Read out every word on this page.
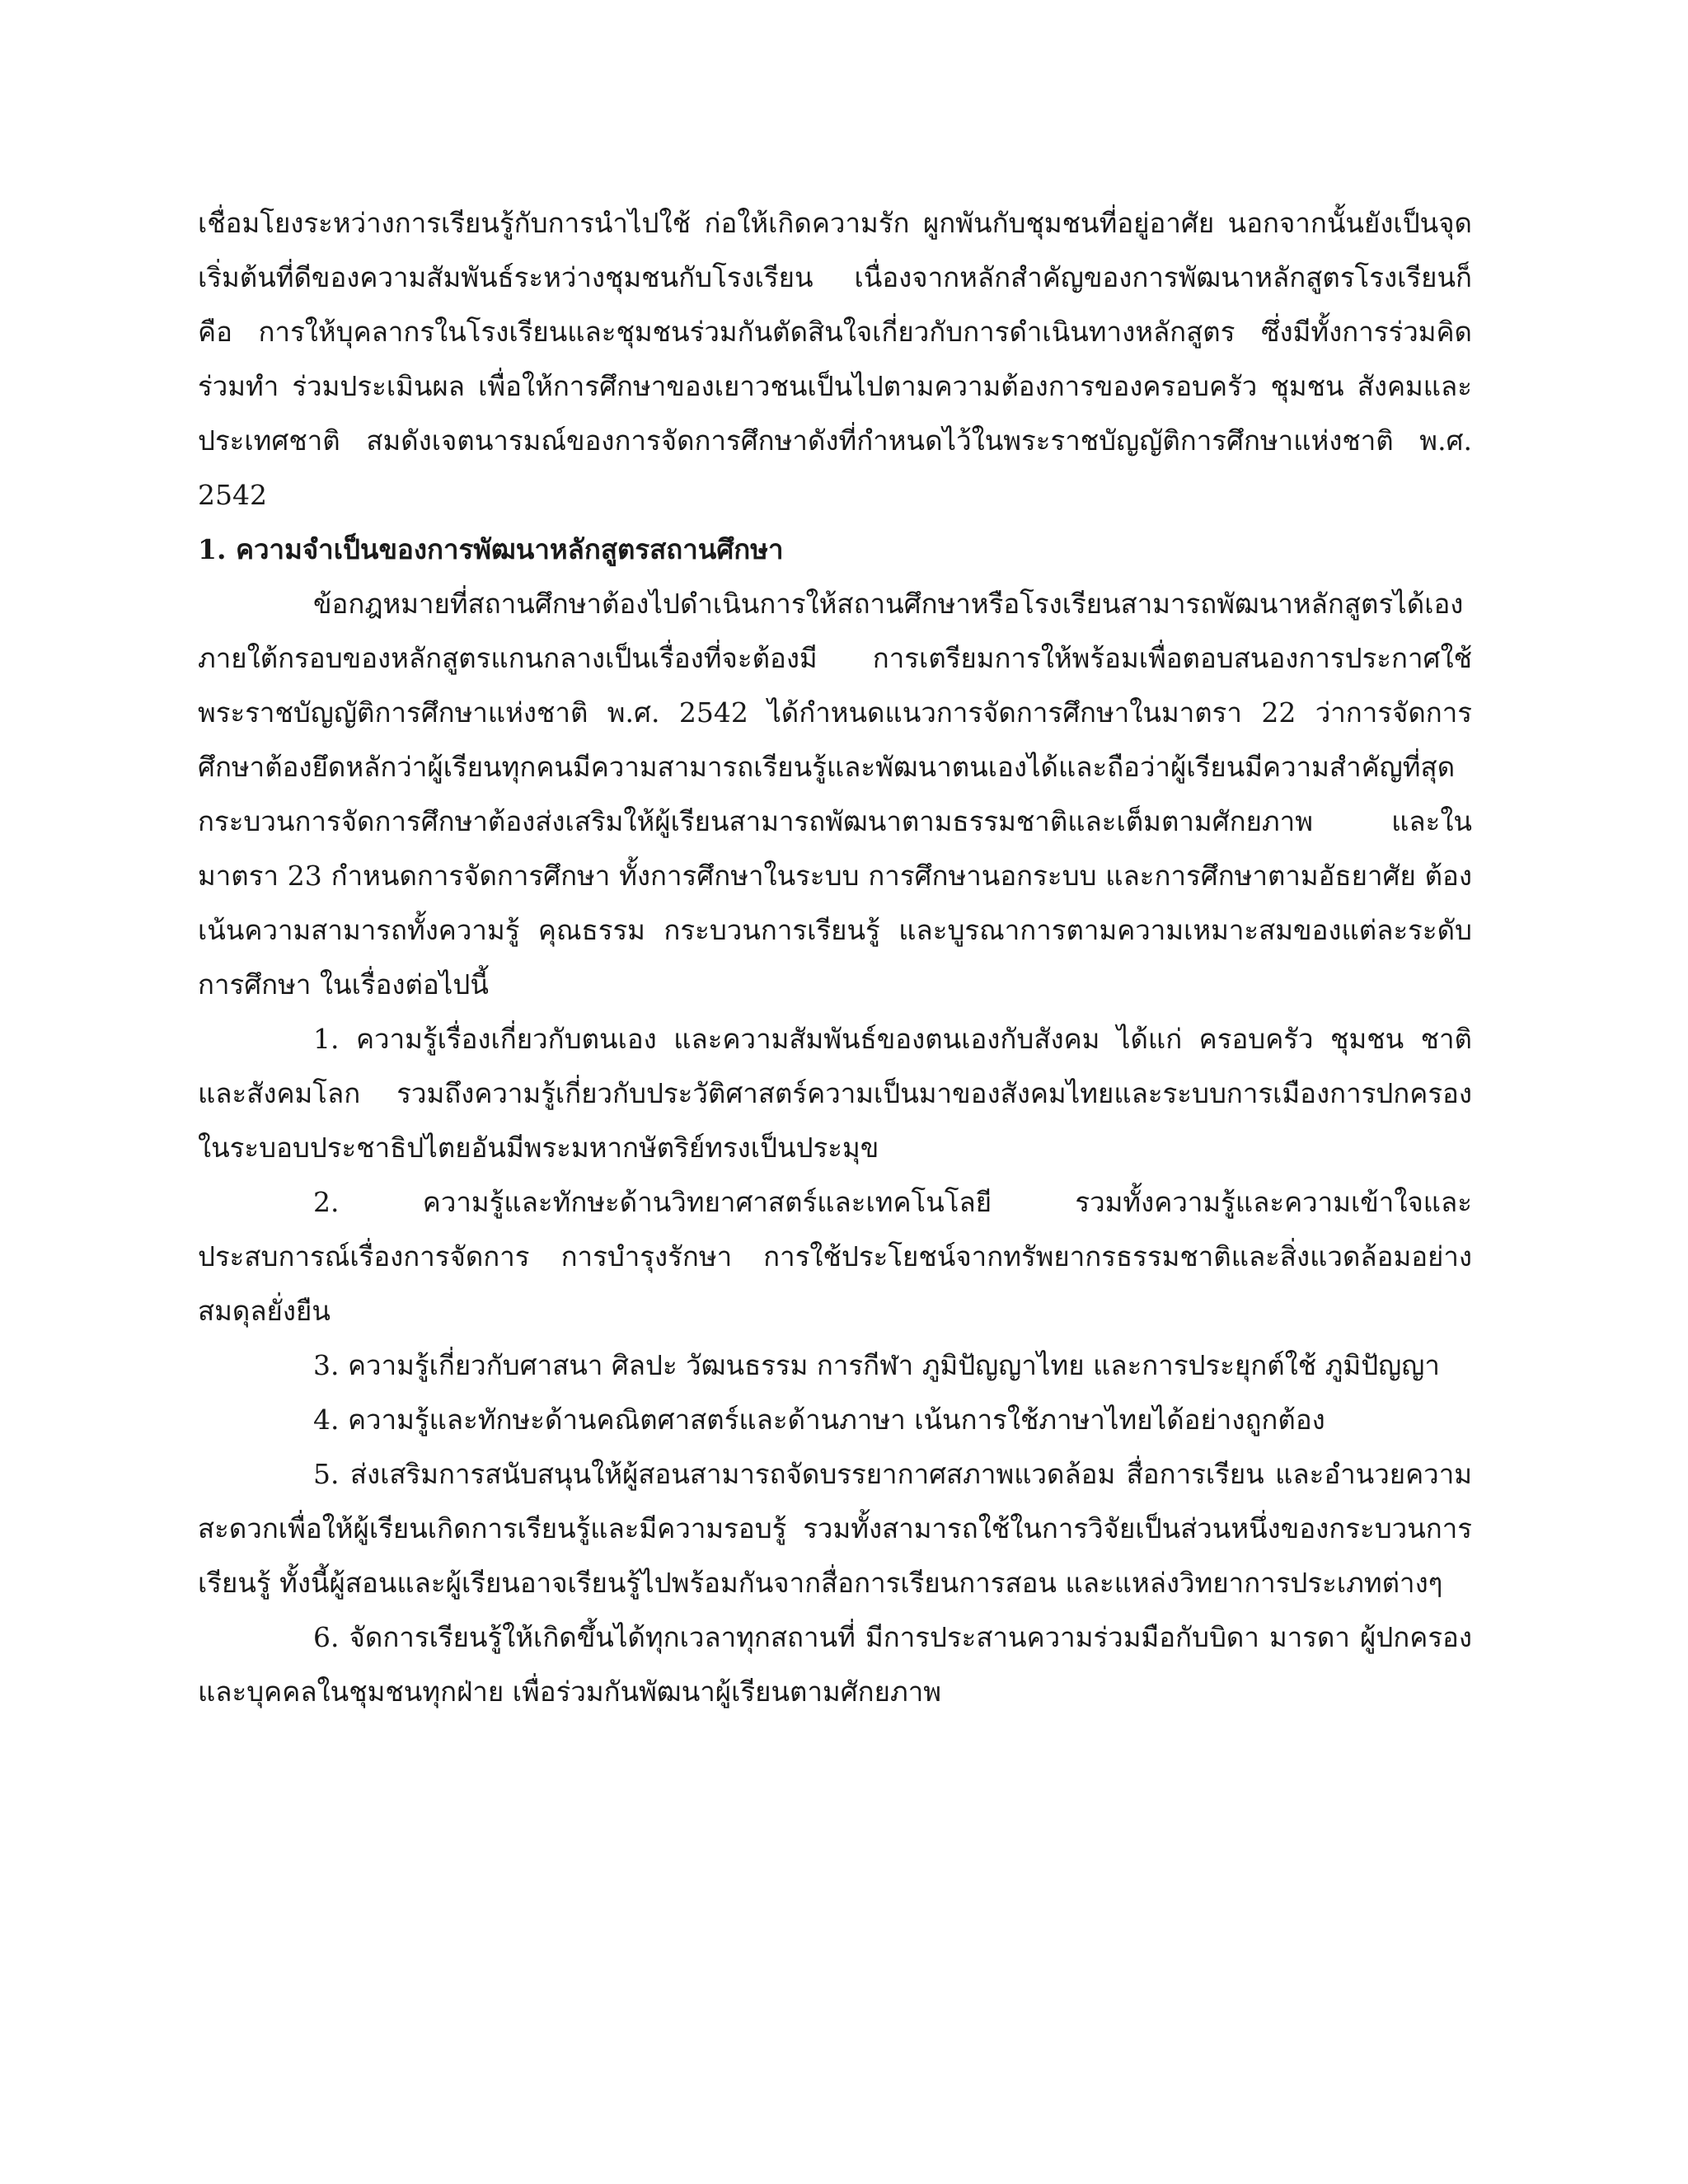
เชื่อมโยงระหว่างการเรียนรู้กับการนำไปใช้ ก่อให้เกิดความรัก ผูกพันกับชุมชนที่อยู่อาศัย นอกจากนั้นยังเป็นจุดเริ่มต้นที่ดีของความสัมพันธ์ระหว่างชุมชนกับโรงเรียน เนื่องจากหลักสำคัญของการพัฒนาหลักสูตรโรงเรียนก็คือ การให้บุคลากรในโรงเรียนและชุมชนร่วมกันตัดสินใจเกี่ยวกับการดำเนินทางหลักสูตร ซึ่งมีทั้งการร่วมคิด ร่วมทำ ร่วมประเมินผล เพื่อให้การศึกษาของเยาวชนเป็นไปตามความต้องการของครอบครัว ชุมชน สังคมและประเทศชาติ สมดังเจตนารมณ์ของการจัดการศึกษาดังที่กำหนดไว้ในพระราชบัญญัติการศึกษาแห่งชาติ พ.ศ. 2542

1. ความจำเป็นของการพัฒนาหลักสูตรสถานศึกษา

ข้อกฎหมายที่สถานศึกษาต้องไปดำเนินการให้สถานศึกษาหรือโรงเรียนสามารถพัฒนาหลักสูตรได้เองภายใต้กรอบของหลักสูตรแกนกลางเป็นเรื่องที่จะต้องมี การเตรียมการให้พร้อมเพื่อตอบสนองการประกาศใช้พระราชบัญญัติการศึกษาแห่งชาติ พ.ศ. 2542 ได้กำหนดแนวการจัดการศึกษาในมาตรา 22 ว่าการจัดการศึกษาต้องยึดหลักว่าผู้เรียนทุกคนมีความสามารถเรียนรู้และพัฒนาตนเองได้และถือว่าผู้เรียนมีความสำคัญที่สุดกระบวนการจัดการศึกษาต้องส่งเสริมให้ผู้เรียนสามารถพัฒนาตามธรรมชาติและเต็มตามศักยภาพ และในมาตรา 23 กำหนดการจัดการศึกษา ทั้งการศึกษาในระบบ การศึกษานอกระบบ และการศึกษาตามอัธยาศัย ต้องเน้นความสามารถทั้งความรู้ คุณธรรม กระบวนการเรียนรู้ และบูรณาการตามความเหมาะสมของแต่ละระดับการศึกษา ในเรื่องต่อไปนี้

1. ความรู้เรื่องเกี่ยวกับตนเอง และความสัมพันธ์ของตนเองกับสังคม ได้แก่ ครอบครัว ชุมชน ชาติ และสังคมโลก รวมถึงความรู้เกี่ยวกับประวัติศาสตร์ความเป็นมาของสังคมไทยและระบบการเมืองการปกครองในระบอบประชาธิปไตยอันมีพระมหากษัตริย์ทรงเป็นประมุข

2. ความรู้และทักษะด้านวิทยาศาสตร์และเทคโนโลยี รวมทั้งความรู้และความเข้าใจและประสบการณ์เรื่องการจัดการ การบำรุงรักษา การใช้ประโยชน์จากทรัพยากรธรรมชาติและสิ่งแวดล้อมอย่างสมดุลยั่งยืน

3. ความรู้เกี่ยวกับศาสนา ศิลปะ วัฒนธรรม การกีฬา ภูมิปัญญาไทย และการประยุกต์ใช้ ภูมิปัญญา

4. ความรู้และทักษะด้านคณิตศาสตร์และด้านภาษา เน้นการใช้ภาษาไทยได้อย่างถูกต้อง

5. ส่งเสริมการสนับสนุนให้ผู้สอนสามารถจัดบรรยากาศสภาพแวดล้อม สื่อการเรียน และอำนวยความสะดวกเพื่อให้ผู้เรียนเกิดการเรียนรู้และมีความรอบรู้ รวมทั้งสามารถใช้ในการวิจัยเป็นส่วนหนึ่งของกระบวนการเรียนรู้ ทั้งนี้ผู้สอนและผู้เรียนอาจเรียนรู้ไปพร้อมกันจากสื่อการเรียนการสอน และแหล่งวิทยาการประเภทต่างๆ

6. จัดการเรียนรู้ให้เกิดขึ้นได้ทุกเวลาทุกสถานที่ มีการประสานความร่วมมือกับบิดา มารดา ผู้ปกครอง และบุคคลในชุมชนทุกฝ่าย เพื่อร่วมกันพัฒนาผู้เรียนตามศักยภาพ
